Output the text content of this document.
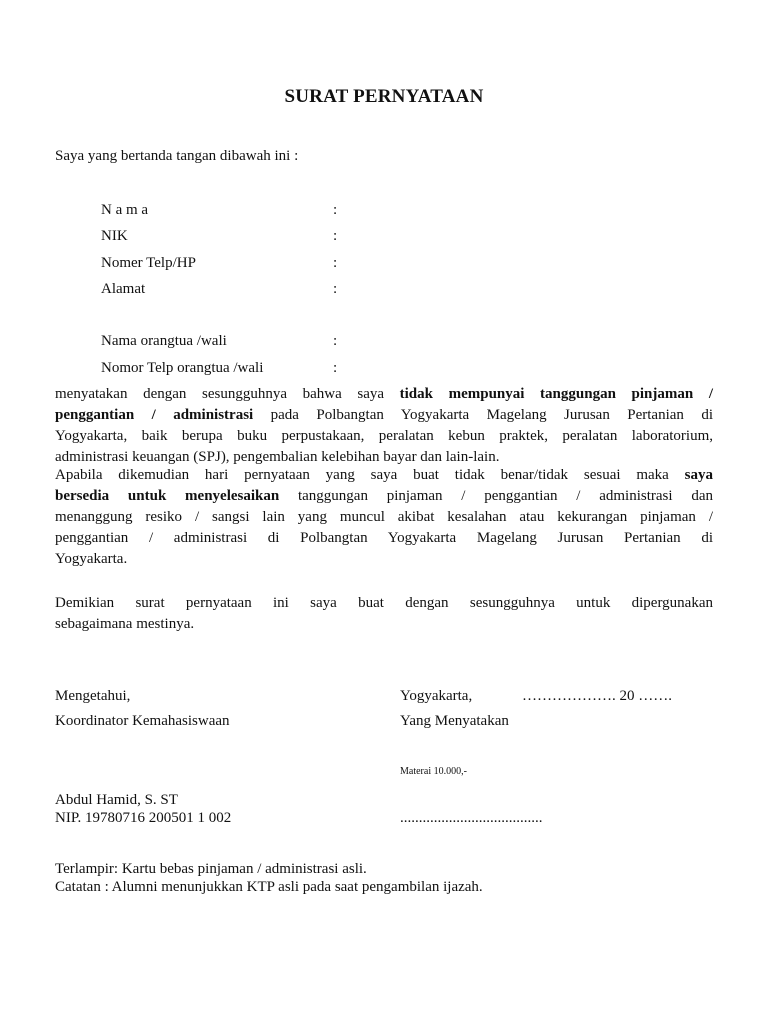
SURAT PERNYATAAN
Saya yang bertanda tangan dibawah ini :
N a m a	:
NIK	:
Nomer Telp/HP	:
Alamat	:
Nama orangtua /wali	:
Nomor Telp orangtua /wali	:
menyatakan dengan sesungguhnya bahwa saya tidak mempunyai tanggungan pinjaman /
penggantian / administrasi pada Polbangtan Yogyakarta Magelang Jurusan Pertanian di
Yogyakarta, baik berupa buku perpustakaan, peralatan kebun praktek, peralatan laboratorium,
administrasi keuangan (SPJ), pengembalian kelebihan bayar dan lain-lain.
Apabila dikemudian hari pernyataan yang saya buat tidak benar/tidak sesuai maka saya
bersedia untuk menyelesaikan tanggungan pinjaman / penggantian / administrasi dan
menanggung resiko / sangsi lain yang muncul akibat kesalahan atau kekurangan pinjaman /
penggantian / administrasi di Polbangtan Yogyakarta Magelang Jurusan Pertanian di
Yogyakarta.
Demikian surat pernyataan ini saya buat dengan sesungguhnya untuk dipergunakan
sebagaimana mestinya.
Mengetahui,
Koordinator Kemahasiswaan
Abdul Hamid, S. ST
NIP. 19780716 200501 1 002
Yogyakarta,	………………. 20 …….
Yang Menyatakan
Materai 10.000,-
......................................
Terlampir: Kartu bebas pinjaman / administrasi asli.
Catatan : Alumni menunjukkan KTP asli pada saat pengambilan ijazah.
